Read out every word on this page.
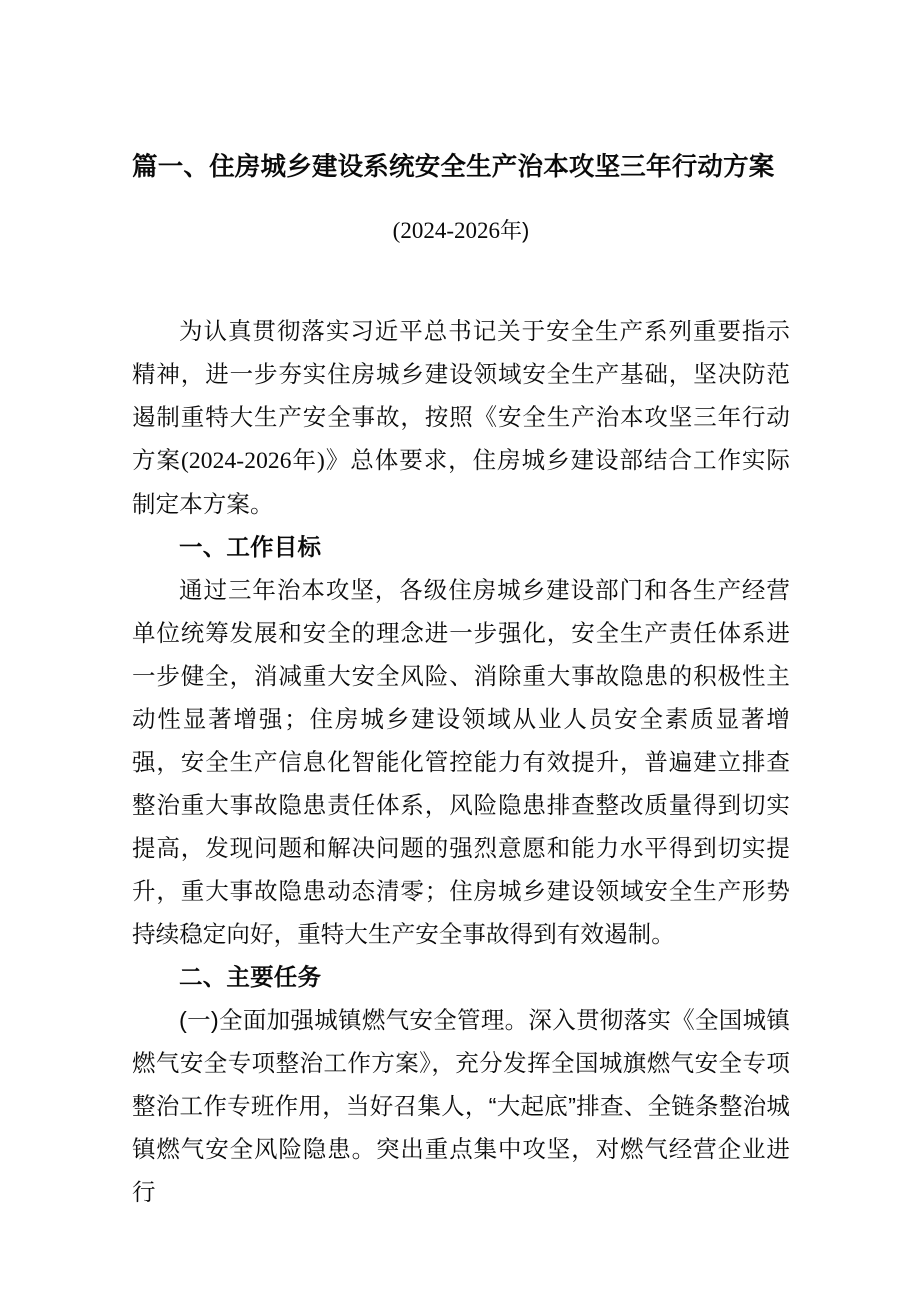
篇一、住房城乡建设系统安全生产治本攻坚三年行动方案
(2024-2026年)

为认真贯彻落实习近平总书记关于安全生产系列重要指示精神，进一步夯实住房城乡建设领域安全生产基础，坚决防范遏制重特大生产安全事故，按照《安全生产治本攻坚三年行动方案(2024-2026年)》总体要求，住房城乡建设部结合工作实际制定本方案。

一、工作目标

通过三年治本攻坚，各级住房城乡建设部门和各生产经营单位统筹发展和安全的理念进一步强化，安全生产责任体系进一步健全，消减重大安全风险、消除重大事故隐患的积极性主动性显著增强；住房城乡建设领域从业人员安全素质显著增强，安全生产信息化智能化管控能力有效提升，普遍建立排查整治重大事故隐患责任体系，风险隐患排查整改质量得到切实提高，发现问题和解决问题的强烈意愿和能力水平得到切实提升，重大事故隐患动态清零；住房城乡建设领域安全生产形势持续稳定向好，重特大生产安全事故得到有效遏制。

二、主要任务

(一)全面加强城镇燃气安全管理。深入贯彻落实《全国城镇燃气安全专项整治工作方案》，充分发挥全国城旗燃气安全专项整治工作专班作用，当好召集人，“大起底”排查、全链条整治城镇燃气安全风险隐患。突出重点集中攻坚，对燃气经营企业进行
